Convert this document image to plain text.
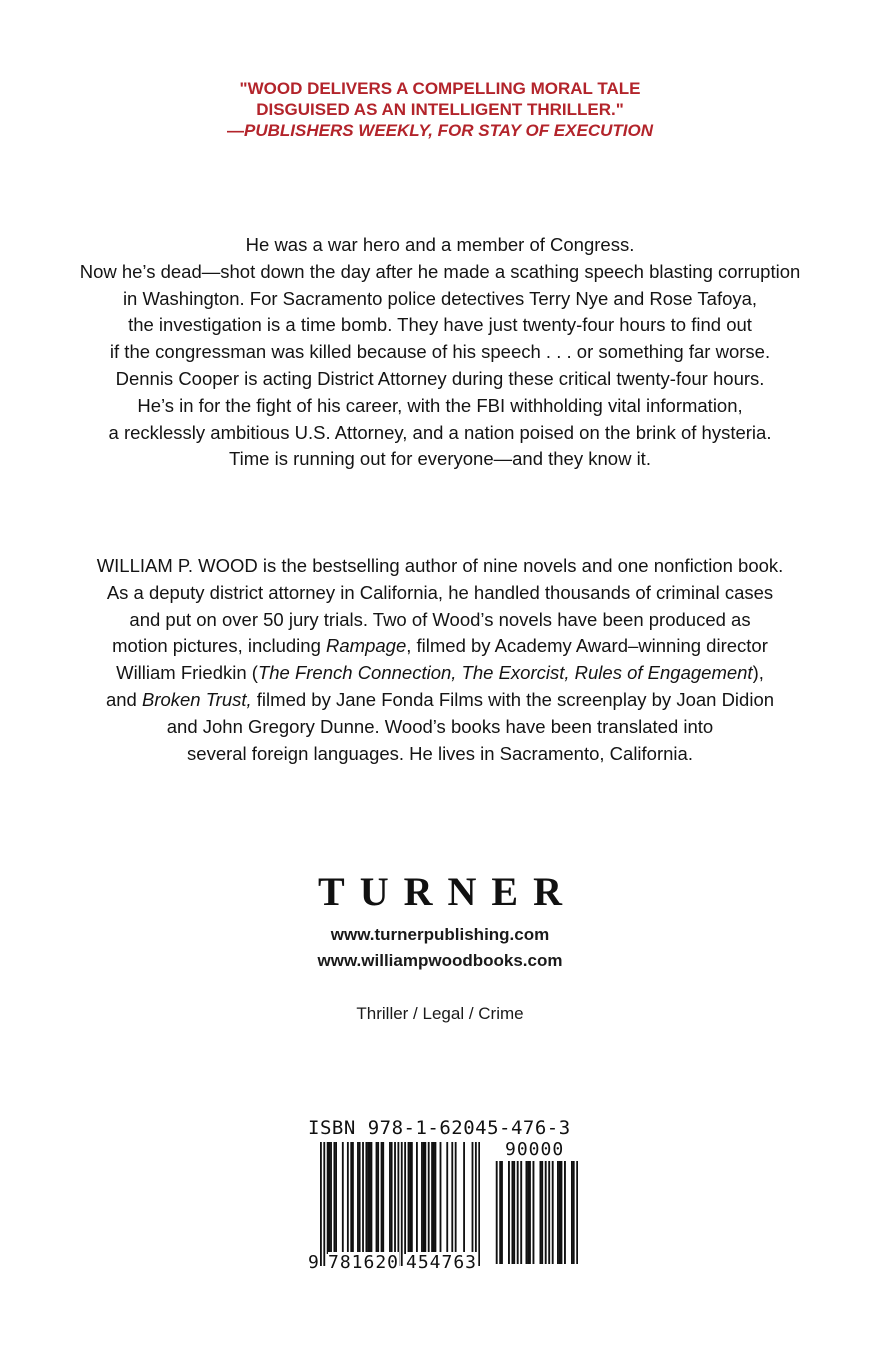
"WOOD DELIVERS A COMPELLING MORAL TALE
DISGUISED AS AN INTELLIGENT THRILLER."
—PUBLISHERS WEEKLY, FOR STAY OF EXECUTION
He was a war hero and a member of Congress.
Now he’s dead—shot down the day after he made a scathing speech blasting corruption
in Washington. For Sacramento police detectives Terry Nye and Rose Tafoya,
the investigation is a time bomb. They have just twenty-four hours to find out
if the congressman was killed because of his speech . . . or something far worse.
Dennis Cooper is acting District Attorney during these critical twenty-four hours.
He’s in for the fight of his career, with the FBI withholding vital information,
a recklessly ambitious U.S. Attorney, and a nation poised on the brink of hysteria.
Time is running out for everyone—and they know it.
WILLIAM P. WOOD is the bestselling author of nine novels and one nonfiction book.
As a deputy district attorney in California, he handled thousands of criminal cases
and put on over 50 jury trials. Two of Wood’s novels have been produced as
motion pictures, including Rampage, filmed by Academy Award–winning director
William Friedkin (The French Connection, The Exorcist, Rules of Engagement),
and Broken Trust, filmed by Jane Fonda Films with the screenplay by Joan Didion
and John Gregory Dunne. Wood’s books have been translated into
several foreign languages. He lives in Sacramento, California.
TURNER
www.turnerpublishing.com
www.williampwoodbooks.com
Thriller / Legal / Crime
ISBN 978-1-62045-476-3
90000
9 781620 454763
